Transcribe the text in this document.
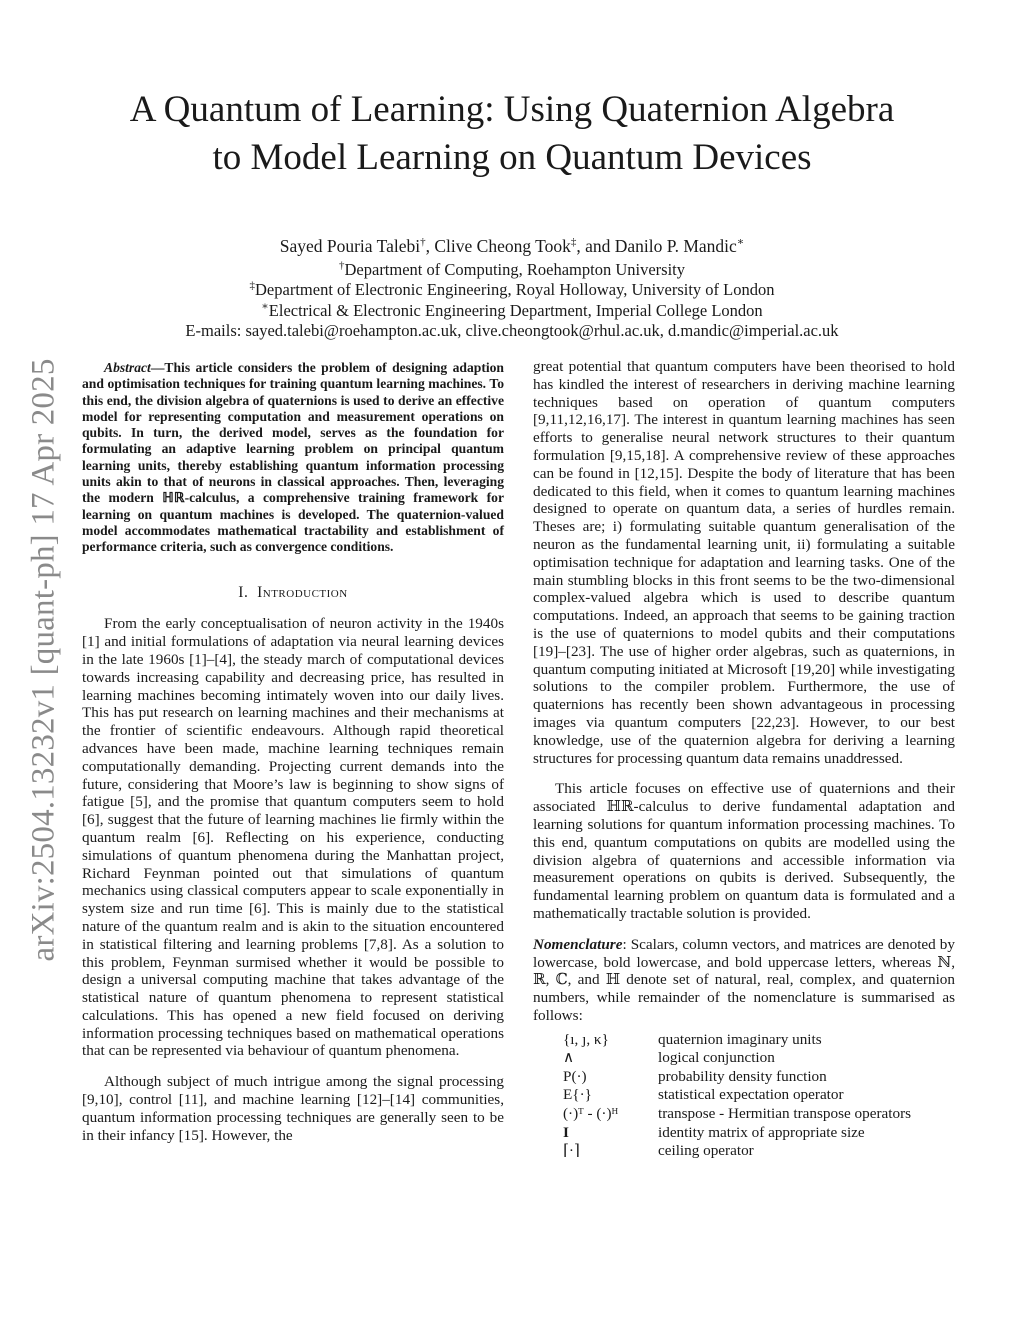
arXiv:2504.13232v1 [quant-ph] 17 Apr 2025
A Quantum of Learning: Using Quaternion Algebra
to Model Learning on Quantum Devices
Sayed Pouria Talebi†, Clive Cheong Took‡, and Danilo P. Mandic∗
†Department of Computing, Roehampton University
‡Department of Electronic Engineering, Royal Holloway, University of London
∗Electrical & Electronic Engineering Department, Imperial College London
E-mails: sayed.talebi@roehampton.ac.uk, clive.cheongtook@rhul.ac.uk, d.mandic@imperial.ac.uk

Abstract—This article considers the problem of designing adaption and optimisation techniques for training quantum learning machines. To this end, the division algebra of quaternions is used to derive an effective model for representing computation and measurement operations on qubits. In turn, the derived model, serves as the foundation for formulating an adaptive learning problem on principal quantum learning units, thereby establishing quantum information processing units akin to that of neurons in classical approaches. Then, leveraging the modern ℍℝ-calculus, a comprehensive training framework for learning on quantum machines is developed. The quaternion-valued model accommodates mathematical tractability and establishment of performance criteria, such as convergence conditions.

I. Introduction

From the early conceptualisation of neuron activity in the 1940s [1] and initial formulations of adaptation via neural learning devices in the late 1960s [1]–[4], the steady march of computational devices towards increasing capability and decreasing price, has resulted in learning machines becoming intimately woven into our daily lives. This has put research on learning machines and their mechanisms at the frontier of scientific endeavours. Although rapid theoretical advances have been made, machine learning techniques remain computationally demanding. Projecting current demands into the future, considering that Moore’s law is beginning to show signs of fatigue [5], and the promise that quantum computers seem to hold [6], suggest that the future of learning machines lie firmly within the quantum realm [6]. Reflecting on his experience, conducting simulations of quantum phenomena during the Manhattan project, Richard Feynman pointed out that simulations of quantum mechanics using classical computers appear to scale exponentially in system size and run time [6]. This is mainly due to the statistical nature of the quantum realm and is akin to the situation encountered in statistical filtering and learning problems [7,8]. As a solution to this problem, Feynman surmised whether it would be possible to design a universal computing machine that takes advantage of the statistical nature of quantum phenomena to represent statistical calculations. This has opened a new field focused on deriving information processing techniques based on mathematical operations that can be represented via behaviour of quantum phenomena.

Although subject of much intrigue among the signal processing [9,10], control [11], and machine learning [12]–[14] communities, quantum information processing techniques are generally seen to be in their infancy [15]. However, the

great potential that quantum computers have been theorised to hold has kindled the interest of researchers in deriving machine learning techniques based on operation of quantum computers [9,11,12,16,17]. The interest in quantum learning machines has seen efforts to generalise neural network structures to their quantum formulation [9,15,18]. A comprehensive review of these approaches can be found in [12,15]. Despite the body of literature that has been dedicated to this field, when it comes to quantum learning machines designed to operate on quantum data, a series of hurdles remain. Theses are; i) formulating suitable quantum generalisation of the neuron as the fundamental learning unit, ii) formulating a suitable optimisation technique for adaptation and learning tasks. One of the main stumbling blocks in this front seems to be the two-dimensional complex-valued algebra which is used to describe quantum computations. Indeed, an approach that seems to be gaining traction is the use of quaternions to model qubits and their computations [19]–[23]. The use of higher order algebras, such as quaternions, in quantum computing initiated at Microsoft [19,20] while investigating solutions to the compiler problem. Furthermore, the use of quaternions has recently been shown advantageous in processing images via quantum computers [22,23]. However, to our best knowledge, use of the quaternion algebra for deriving a learning structures for processing quantum data remains unaddressed.

This article focuses on effective use of quaternions and their associated ℍℝ-calculus to derive fundamental adaptation and learning solutions for quantum information processing machines. To this end, quantum computations on qubits are modelled using the division algebra of quaternions and accessible information via measurement operations on qubits is derived. Subsequently, the fundamental learning problem on quantum data is formulated and a mathematically tractable solution is provided.

Nomenclature: Scalars, column vectors, and matrices are denoted by lowercase, bold lowercase, and bold uppercase letters, whereas ℕ, ℝ, ℂ, and ℍ denote set of natural, real, complex, and quaternion numbers, while remainder of the nomenclature is summarised as follows:

{ı, ȷ, κ}	quaternion imaginary units
∧	logical conjunction
P(·)	probability density function
E{·}	statistical expectation operator
(·)ᵀ - (·)ᴴ	transpose - Hermitian transpose operators
I	identity matrix of appropriate size
⌈·⌉	ceiling operator
